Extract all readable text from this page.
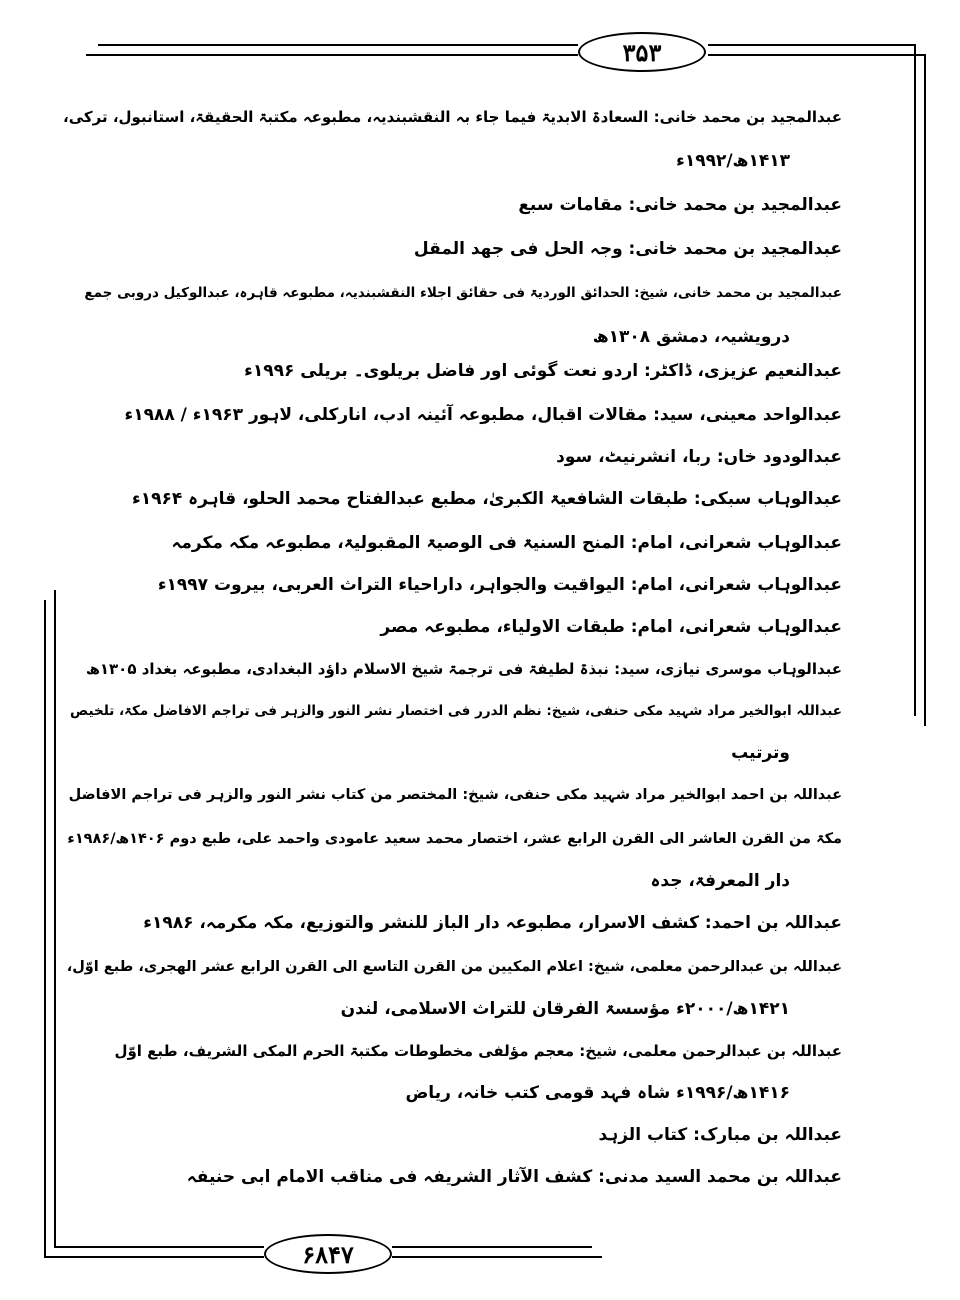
۳۵۳
عبدالمجید بن محمد خانی: السعادۃ الابدیۃ فیما جاء بہ النقشبندیہ، مطبوعہ مکتبۃ الحقیقۃ، استانبول، ترکی،
۱۴۱۳ھ/۱۹۹۲ء
عبدالمجید بن محمد خانی: مقامات سبع
عبدالمجید بن محمد خانی: وجہ الحل فی جھد المقل
عبدالمجید بن محمد خانی، شیخ: الحدائق الوردیۃ فی حقائق اجلاء النقشبندیہ، مطبوعہ قاہرہ، عبدالوکیل دروبی جمع
درویشیہ، دمشق ۱۳۰۸ھ
عبدالنعیم عزیزی، ڈاکٹر: اردو نعت گوئی اور فاضل بریلوی۔ بریلی ۱۹۹۶ء
عبدالواحد معینی، سید: مقالات اقبال، مطبوعہ آئینہ ادب، انارکلی، لاہور ۱۹۶۳ء / ۱۹۸۸ء
عبدالودود خاں: ربا، انشرنیٹ، سود
عبدالوہاب سبکی: طبقات الشافعیۃ الکبریٰ، مطبع عبدالفتاح محمد الحلو، قاہرہ ۱۹۶۴ء
عبدالوہاب شعرانی، امام: المنح السنیۃ فی الوصیۃ المقبولیۃ، مطبوعہ مکہ مکرمہ
عبدالوہاب شعرانی، امام: الیواقیت والجواہر، داراحیاء التراث العربی، بیروت ۱۹۹۷ء
عبدالوہاب شعرانی، امام: طبقات الاولیاء، مطبوعہ مصر
عبدالوہاب موسری نیازی، سید: نبذۃ لطیفۃ فی ترجمۃ شیخ الاسلام داؤد البغدادی، مطبوعہ بغداد ۱۳۰۵ھ
عبداللہ ابوالخیر مراد شہید مکی حنفی، شیخ: نظم الدرر فی اختصار نشر النور والزہر فی تراجم الافاضل مکۃ، تلخیص
وترتیب
عبداللہ بن احمد ابوالخیر مراد شہید مکی حنفی، شیخ: المختصر من کتاب نشر النور والزہر فی تراجم الافاضل
مکۃ من القرن العاشر الی القرن الرابع عشر، اختصار محمد سعید عامودی واحمد علی، طبع دوم ۱۴۰۶ھ/۱۹۸۶ء
دار المعرفۃ، جدہ
عبداللہ بن احمد: کشف الاسرار، مطبوعہ دار الباز للنشر والتوزیع، مکہ مکرمہ، ۱۹۸۶ء
عبداللہ بن عبدالرحمن معلمی، شیخ: اعلام المکیین من القرن التاسع الی القرن الرابع عشر الھجری، طبع اوّل،
۱۴۲۱ھ/۲۰۰۰ء مؤسسۃ الفرقان للتراث الاسلامی، لندن
عبداللہ بن عبدالرحمن معلمی، شیخ: معجم مؤلفی مخطوطات مکتبۃ الحرم المکی الشریف، طبع اوّل
۱۴۱۶ھ/۱۹۹۶ء شاہ فہد قومی کتب خانہ، ریاض
عبداللہ بن مبارک: کتاب الزہد
عبداللہ بن محمد السید مدنی: کشف الآثار الشریفہ فی مناقب الامام ابی حنیفہ
۶۸۴۷
